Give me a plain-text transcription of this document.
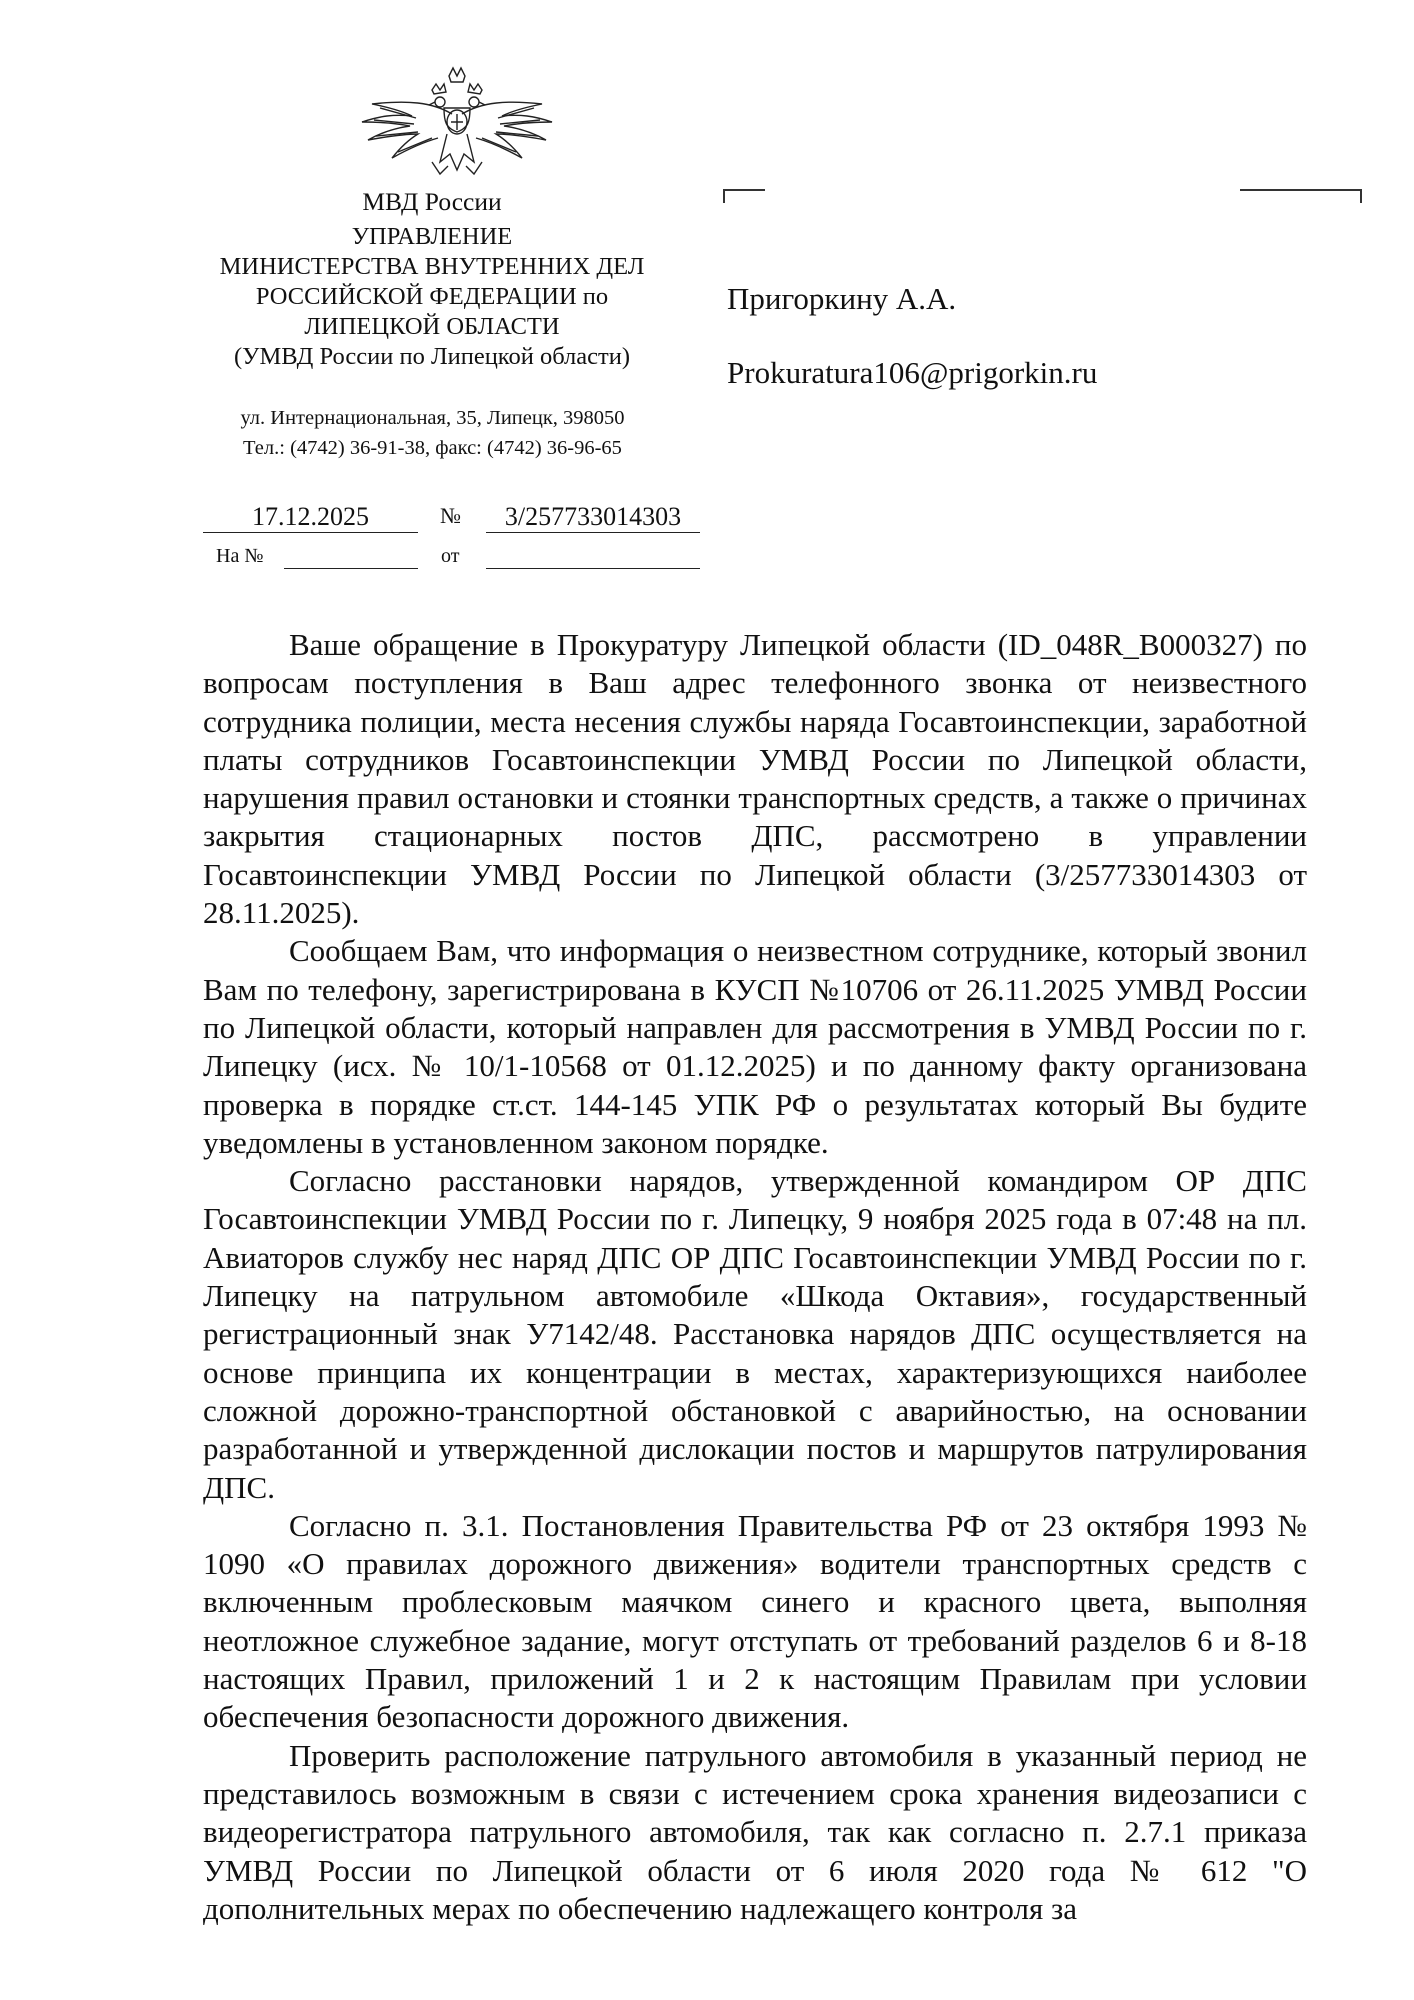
МВД России
УПРАВЛЕНИЕ
МИНИСТЕРСТВА ВНУТРЕННИХ ДЕЛ
РОССИЙСКОЙ ФЕДЕРАЦИИ по
ЛИПЕЦКОЙ ОБЛАСТИ
(УМВД России по Липецкой области)
ул. Интернациональная, 35, Липецк, 398050
Тел.: (4742) 36-91-38, факс: (4742) 36-96-65
17.12.2025	№	3/257733014303
На №	от
Пригоркину А.А.
Prokuratura106@prigorkin.ru

Ваше обращение в Прокуратуру Липецкой области (ID_048R_B000327) по вопросам поступления в Ваш адрес телефонного звонка от неизвестного сотрудника полиции, места несения службы наряда Госавтоинспекции, заработной платы сотрудников Госавтоинспекции УМВД России по Липецкой области, нарушения правил остановки и стоянки транспортных средств, а также о причинах закрытия стационарных постов ДПС, рассмотрено в управлении Госавтоинспекции УМВД России по Липецкой области (3/257733014303 от 28.11.2025).

Сообщаем Вам, что информация о неизвестном сотруднике, который звонил Вам по телефону, зарегистрирована в КУСП №10706 от 26.11.2025 УМВД России по Липецкой области, который направлен для рассмотрения в УМВД России по г. Липецку (исх. № 10/1-10568 от 01.12.2025) и по данному факту организована проверка в порядке ст.ст. 144-145 УПК РФ о результатах который Вы будите уведомлены в установленном законом порядке.

Согласно расстановки нарядов, утвержденной командиром ОР ДПС Госавтоинспекции УМВД России по г. Липецку, 9 ноября 2025 года в 07:48 на пл. Авиаторов службу нес наряд ДПС ОР ДПС Госавтоинспекции УМВД России по г. Липецку на патрульном автомобиле «Шкода Октавия», государственный регистрационный знак У7142/48. Расстановка нарядов ДПС осуществляется на основе принципа их концентрации в местах, характеризующихся наиболее сложной дорожно-транспортной обстановкой с аварийностью, на основании разработанной и утвержденной дислокации постов и маршрутов патрулирования ДПС.

Согласно п. 3.1. Постановления Правительства РФ от 23 октября 1993 № 1090 «О правилах дорожного движения» водители транспортных средств с включенным проблесковым маячком синего и красного цвета, выполняя неотложное служебное задание, могут отступать от требований разделов 6 и 8-18 настоящих Правил, приложений 1 и 2 к настоящим Правилам при условии обеспечения безопасности дорожного движения.

Проверить расположение патрульного автомобиля в указанный период не представилось возможным в связи с истечением срока хранения видеозаписи с видеорегистратора патрульного автомобиля, так как согласно п. 2.7.1 приказа УМВД России по Липецкой области от 6 июля 2020 года № 612 "О дополнительных мерах по обеспечению надлежащего контроля за
